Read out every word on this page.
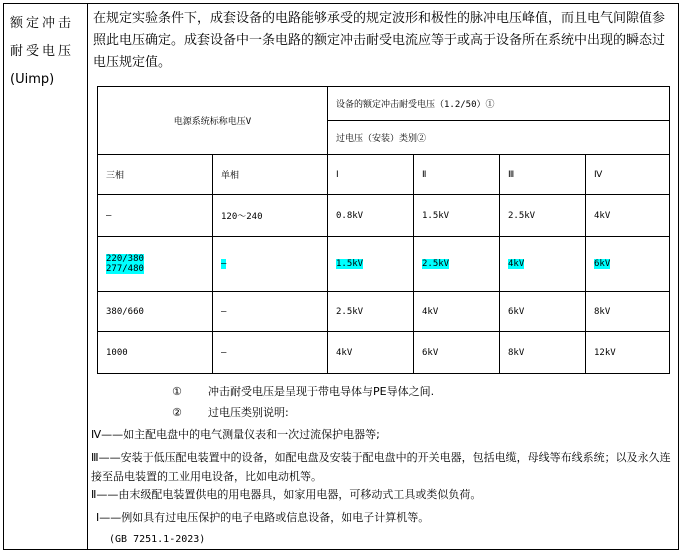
额定冲击
耐受电压
(Uimp)
在规定实验条件下，成套设备的电路能够承受的规定波形和极性的脉冲电压峰值，而且电气间隙值参照此电压确定。成套设备中一条电路的额定冲击耐受电流应等于或高于设备所在系统中出现的瞬态过电压规定值。
电源系统标称电压V		设备的额定冲击耐受电压（1.2/50）①			
		过电压（安装）类别②			
三相	单相	Ⅰ	Ⅱ	Ⅲ	Ⅳ
—	120～240	0.8kV	1.5kV	2.5kV	4kV
220/380
277/480	—	1.5kV	2.5kV	4kV	6kV
380/660	—	2.5kV	4kV	6kV	8kV
1000	—	4kV	6kV	8kV	12kV
① 冲击耐受电压是呈现于带电导体与PE导体之间.
② 过电压类别说明:
Ⅳ——如主配电盘中的电气测量仪表和一次过流保护电器等;
Ⅲ——安装于低压配电装置中的设备，如配电盘及安装于配电盘中的开关电器，包括电缆，母线等布线系统；以及永久连接至品电装置的工业用电设备，比如电动机等。
Ⅱ——由末级配电装置供电的用电器具，如家用电器，可移动式工具或类似负荷。
Ⅰ——例如具有过电压保护的电子电路或信息设备，如电子计算机等。
(GB 7251.1-2023)
